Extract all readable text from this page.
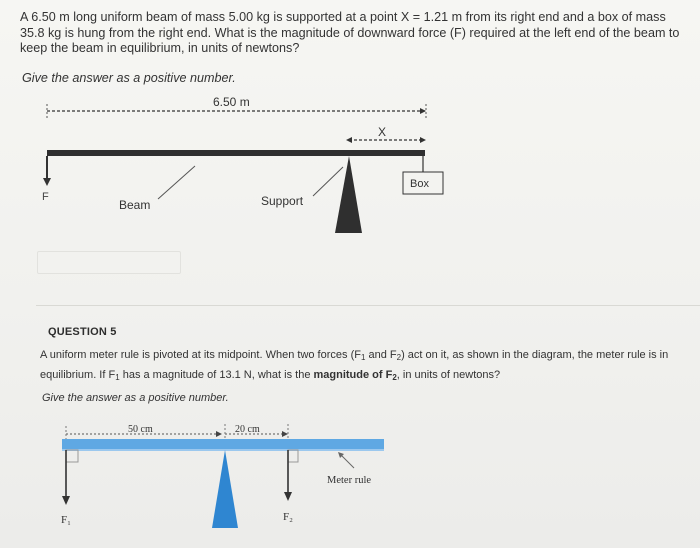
A 6.50 m long uniform beam of mass 5.00 kg is supported at a point X = 1.21 m from its right end and a box of mass 35.8 kg is hung from the right end. What is the magnitude of downward force (F) required at the left end of the beam to keep the beam in equilibrium, in units of newtons?
Give the answer as a positive number.
6.50 m
X
F
Box
Beam	Support
QUESTION 5
A uniform meter rule is pivoted at its midpoint. When two forces ($F_1$ and $F_2$) act on it, as shown in the diagram, the meter rule is in equilibrium. If $F_1$ has a magnitude of 13.1 N, what is the magnitude of $F_2$, in units of newtons?
Give the answer as a positive number.
50 cm	20 cm
F₁	F₂
Meter rule
